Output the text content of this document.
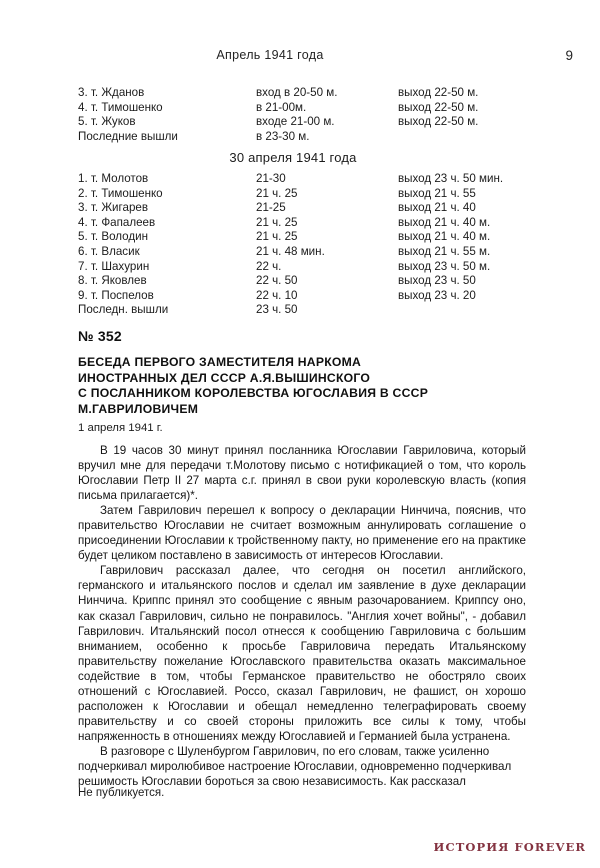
Апрель 1941 года	9
3. т. Жданов	вход в 20-50 м.	выход 22-50 м.
4. т. Тимошенко	в 21-00м.	выход 22-50 м.
5. т. Жуков	входе 21-00 м.	выход 22-50 м.
Последние вышли	в 23-30 м.
30 апреля 1941 года
1. т. Молотов	21-30	выход 23 ч. 50 мин.
2. т. Тимошенко	21 ч. 25	выход 21 ч. 55
3. т. Жигарев	21-25	выход 21 ч. 40
4. т. Фапалеев	21 ч. 25	выход 21 ч. 40 м.
5. т. Володин	21 ч. 25	выход 21 ч. 40 м.
6. т. Власик	21 ч. 48 мин.	выход 21 ч. 55 м.
7. т. Шахурин	22 ч.	выход 23 ч. 50 м.
8. т. Яковлев	22 ч. 50	выход 23 ч. 50
9. т. Поспелов	22 ч. 10	выход 23 ч. 20
Последн. вышли	23 ч. 50
№ 352
БЕСЕДА ПЕРВОГО ЗАМЕСТИТЕЛЯ НАРКОМА
ИНОСТРАННЫХ ДЕЛ СССР А.Я.ВЫШИНСКОГО
С ПОСЛАННИКОМ КОРОЛЕВСТВА ЮГОСЛАВИЯ В СССР
М.ГАВРИЛОВИЧЕМ
1 апреля 1941 г.

В 19 часов 30 минут принял посланника Югославии Гавриловича, который вручил мне для передачи т.Молотову письмо с нотификацией о том, что король Югославии Петр II 27 марта с.г. принял в свои руки королевскую власть (копия письма прилагается)*.

Затем Гаврилович перешел к вопросу о декларации Нинчича, пояснив, что правительство Югославии не считает возможным аннулировать соглашение о присоединении Югославии к тройственному пакту, но применение его на практике будет целиком поставлено в зависимость от интересов Югославии.

Гаврилович рассказал далее, что сегодня он посетил английского, германского и итальянского послов и сделал им заявление в духе декларации Нинчича. Криппс принял это сообщение с явным разочарованием. Криппсу оно, как сказал Гаврилович, сильно не понравилось. "Англия хочет войны", - добавил Гаврилович. Итальянский посол отнесся к сообщению Гавриловича с большим вниманием, особенно к просьбе Гавриловича передать Итальянскому правительству пожелание Югославского правительства оказать максимальное содействие в том, чтобы Германское правительство не обостряло своих отношений с Югославией. Россо, сказал Гаврилович, не фашист, он хорошо расположен к Югославии и обещал немедленно телеграфировать своему правительству и со своей стороны приложить все силы к тому, чтобы напряженность в отношениях между Югославией и Германией была устранена.

В разговоре с Шуленбургом Гаврилович, по его словам, также усиленно подчеркивал миролюбивое настроение Югославии, одновременно подчеркивал решимость Югославии бороться за свою независимость. Как рассказал

Не публикуется.
ИСТОРИЯ FOREVER
